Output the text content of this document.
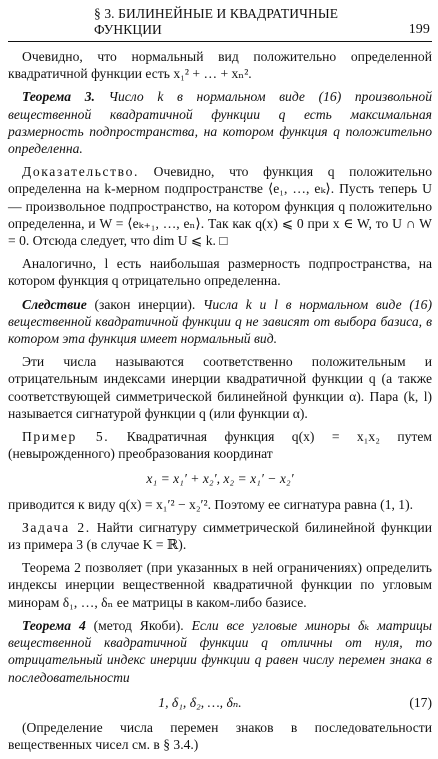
§ 3. БИЛИНЕЙНЫЕ И КВАДРАТИЧНЫЕ ФУНКЦИИ	199

Очевидно, что нормальный вид положительно определенной квадратичной функции есть x₁² + … + xₙ².

Теорема 3. Число k в нормальном виде (16) произвольной вещественной квадратичной функции q есть максимальная размерность подпространства, на котором функция q положительно определенна.

Доказательство. Очевидно, что функция q положительно определенна на k-мерном подпространстве ⟨e₁, …, eₖ⟩. Пусть теперь U — произвольное подпространство, на котором функция q положительно определенна, и W = ⟨eₖ₊₁, …, eₙ⟩. Так как q(x) ⩽ 0 при x ∈ W, то U ∩ W = 0. Отсюда следует, что dim U ⩽ k. □

Аналогично, l есть наибольшая размерность подпространства, на котором функция q отрицательно определенна.

Следствие (закон инерции). Числа k и l в нормальном виде (16) вещественной квадратичной функции q не зависят от выбора базиса, в котором эта функция имеет нормальный вид.

Эти числа называются соответственно положительным и отрицательным индексами инерции квадратичной функции q (а также соответствующей симметрической билинейной функции α). Пара (k, l) называется сигнатурой функции q (или функции α).

Пример 5. Квадратичная функция q(x) = x₁x₂ путем (невырожденного) преобразования координат

x₁ = x₁′ + x₂′, x₂ = x₁′ − x₂′

приводится к виду q(x) = x₁′² − x₂′². Поэтому ее сигнатура равна (1, 1).

Задача 2. Найти сигнатуру симметрической билинейной функции из примера 3 (в случае K = ℝ).

Теорема 2 позволяет (при указанных в ней ограничениях) определить индексы инерции вещественной квадратичной функции по угловым минорам δ₁, …, δₙ ее матрицы в каком-либо базисе.

Теорема 4 (метод Якоби). Если все угловые миноры δₖ матрицы вещественной квадратичной функции q отличны от нуля, то отрицательный индекс инерции функции q равен числу перемен знака в последовательности

1, δ₁, δ₂, …, δₙ.	(17)

(Определение числа перемен знаков в последовательности вещественных чисел см. в § 3.4.)
